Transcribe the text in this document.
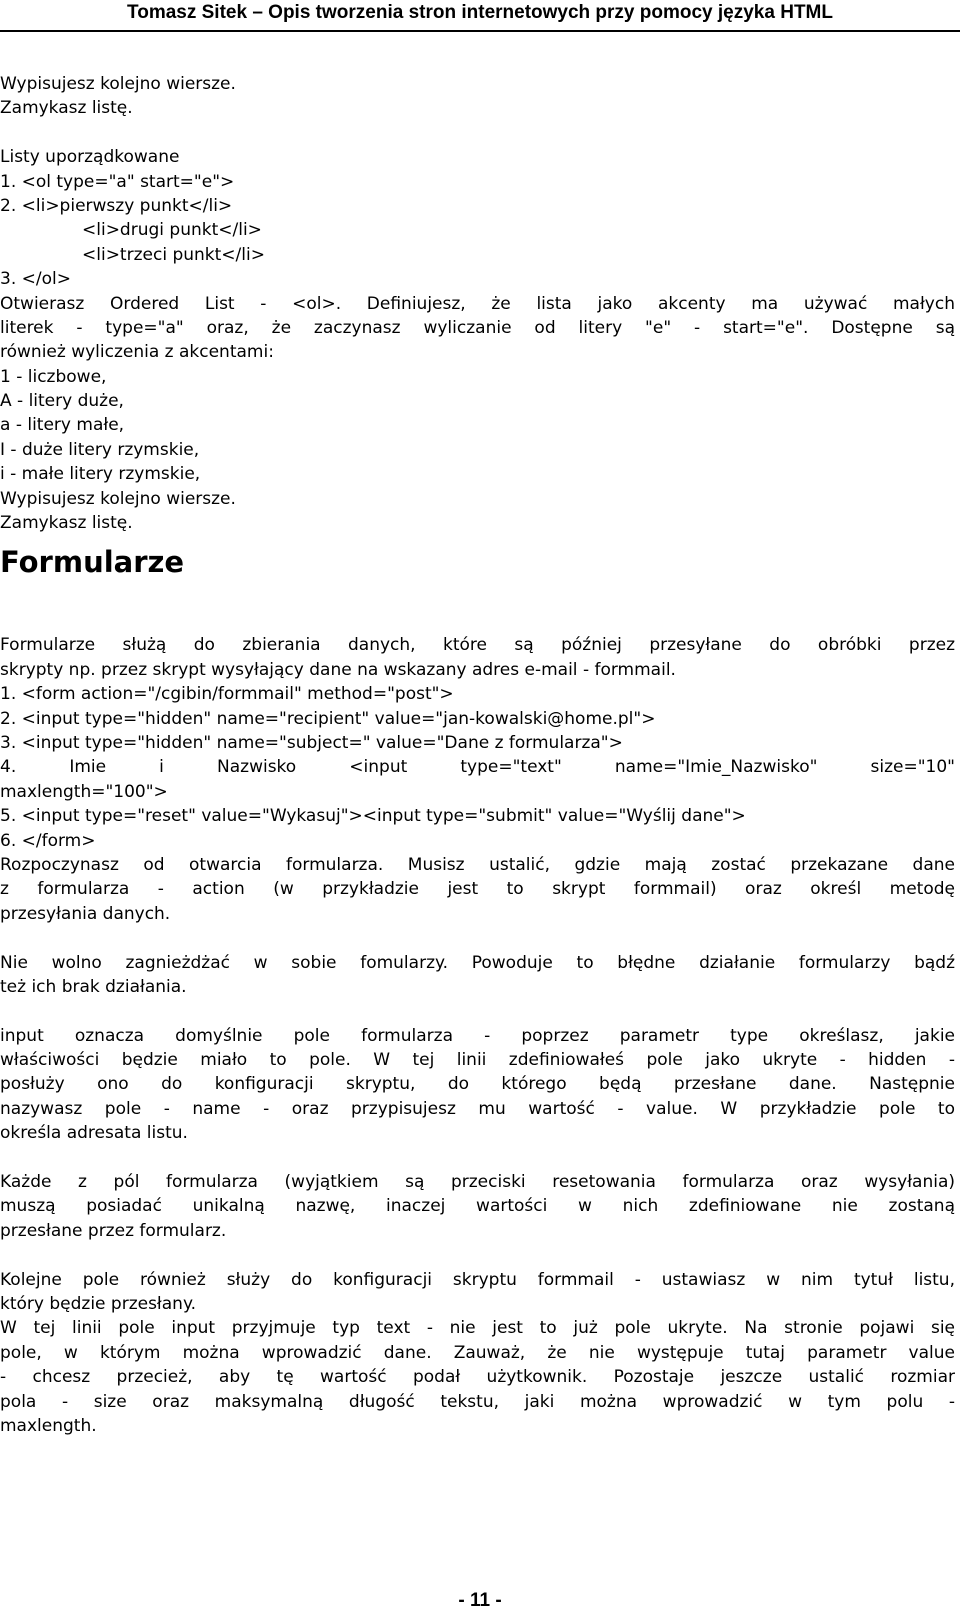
Tomasz Sitek – Opis tworzenia stron internetowych przy pomocy języka HTML
Wypisujesz kolejno wiersze.
Zamykasz listę.
Listy uporządkowane
1. <ol type="a" start="e">
2. <li>pierwszy punkt</li>
<li>drugi punkt</li>
<li>trzeci punkt</li>
3. </ol>
Otwierasz Ordered List - <ol>. Definiujesz, że lista jako akcenty ma używać małych
literek - type="a" oraz, że zaczynasz wyliczanie od litery "e" - start="e". Dostępne są
również wyliczenia z akcentami:
1 - liczbowe,
A - litery duże,
a - litery małe,
I - duże litery rzymskie,
i - małe litery rzymskie,
Wypisujesz kolejno wiersze.
Zamykasz listę.
Formularze
Formularze służą do zbierania danych, które są później przesyłane do obróbki przez
skrypty np. przez skrypt wysyłający dane na wskazany adres e-mail - formmail.
1. <form action="/cgibin/formmail" method="post">
2. <input type="hidden" name="recipient" value="jan-kowalski@home.pl">
3. <input type="hidden" name="subject=" value="Dane z formularza">
4. Imie i Nazwisko <input type="text" name="Imie_Nazwisko" size="10"
maxlength="100">
5. <input type="reset" value="Wykasuj"><input type="submit" value="Wyślij dane">
6. </form>
Rozpoczynasz od otwarcia formularza. Musisz ustalić, gdzie mają zostać przekazane dane
z formularza - action (w przykładzie jest to skrypt formmail) oraz określ metodę
przesyłania danych.
Nie wolno zagnieżdżać w sobie fomularzy. Powoduje to błędne działanie formularzy bądź
też ich brak działania.
input oznacza domyślnie pole formularza - poprzez parametr type określasz, jakie
właściwości będzie miało to pole. W tej linii zdefiniowałeś pole jako ukryte - hidden -
posłuży ono do konfiguracji skryptu, do którego będą przesłane dane. Następnie
nazywasz pole - name - oraz przypisujesz mu wartość - value. W przykładzie pole to
określa adresata listu.
Każde z pól formularza (wyjątkiem są przeciski resetowania formularza oraz wysyłania)
muszą posiadać unikalną nazwę, inaczej wartości w nich zdefiniowane nie zostaną
przesłane przez formularz.
Kolejne pole również służy do konfiguracji skryptu formmail - ustawiasz w nim tytuł listu,
który będzie przesłany.
W tej linii pole input przyjmuje typ text - nie jest to już pole ukryte. Na stronie pojawi się
pole, w którym można wprowadzić dane. Zauważ, że nie występuje tutaj parametr value
- chcesz przecież, aby tę wartość podał użytkownik. Pozostaje jeszcze ustalić rozmiar
pola - size oraz maksymalną długość tekstu, jaki można wprowadzić w tym polu -
maxlength.
- 11 -
